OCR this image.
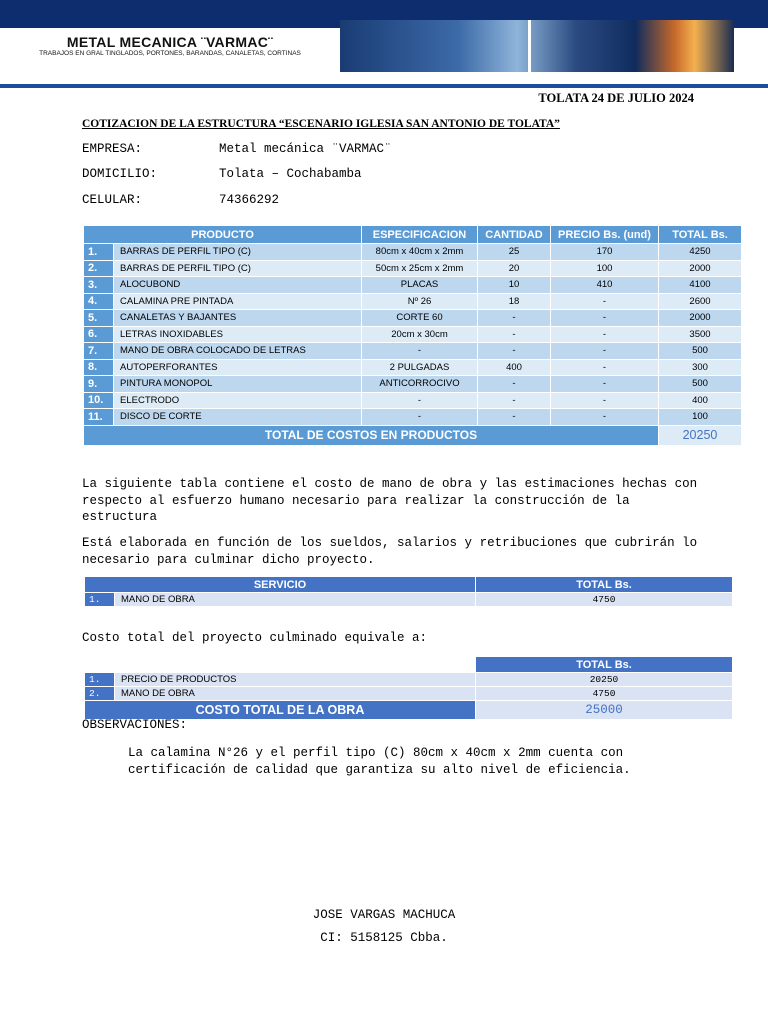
METAL MECANICA ¨VARMAC¨
TRABAJOS EN GRAL TINGLADOS, PORTONES, BARANDAS, CANALETAS, CORTINAS
TOLATA 24 DE JULIO 2024
COTIZACION DE LA ESTRUCTURA “ESCENARIO IGLESIA SAN ANTONIO DE TOLATA”
EMPRESA:	Metal mecánica ¨VARMAC¨
DOMICILIO:	Tolata – Cochabamba
CELULAR:	74366292
PRODUCTO		ESPECIFICACION	CANTIDAD	PRECIO Bs. (und)	TOTAL Bs.
1.	BARRAS DE PERFIL TIPO (C)	80cm x 40cm x 2mm	25	170	4250
2.	BARRAS DE PERFIL TIPO (C)	50cm x 25cm x 2mm	20	100	2000
3.	ALOCUBOND	PLACAS	10	410	4100
4.	CALAMINA PRE PINTADA	Nº 26	18	-	2600
5.	CANALETAS Y BAJANTES	CORTE 60	-	-	2000
6.	LETRAS INOXIDABLES	20cm x 30cm	-	-	3500
7.	MANO DE OBRA COLOCADO DE LETRAS	-	-	-	500
8.	AUTOPERFORANTES	2 PULGADAS	400	-	300
9.	PINTURA MONOPOL	ANTICORROCIVO	-	-	500
10.	ELECTRODO	-	-	-	400
11.	DISCO DE CORTE	-	-	-	100
TOTAL DE COSTOS EN PRODUCTOS					20250
La siguiente tabla contiene el costo de mano de obra y las estimaciones hechas con respecto al esfuerzo humano necesario para realizar la construcción de la estructura
Está elaborada en función de los sueldos, salarios y retribuciones que cubrirán lo necesario para culminar dicho proyecto.
SERVICIO		TOTAL Bs.
1.	MANO DE OBRA	4750
Costo total del proyecto culminado equivale a:
		TOTAL Bs.
1.	PRECIO DE PRODUCTOS	20250
2.	MANO DE OBRA	4750
COSTO TOTAL DE LA OBRA		25000
OBSERVACIONES:
La calamina N°26 y el perfil tipo (C) 80cm x 40cm x 2mm cuenta con certificación de calidad que garantiza su alto nivel de eficiencia.
JOSE VARGAS MACHUCA
CI: 5158125 Cbba.
